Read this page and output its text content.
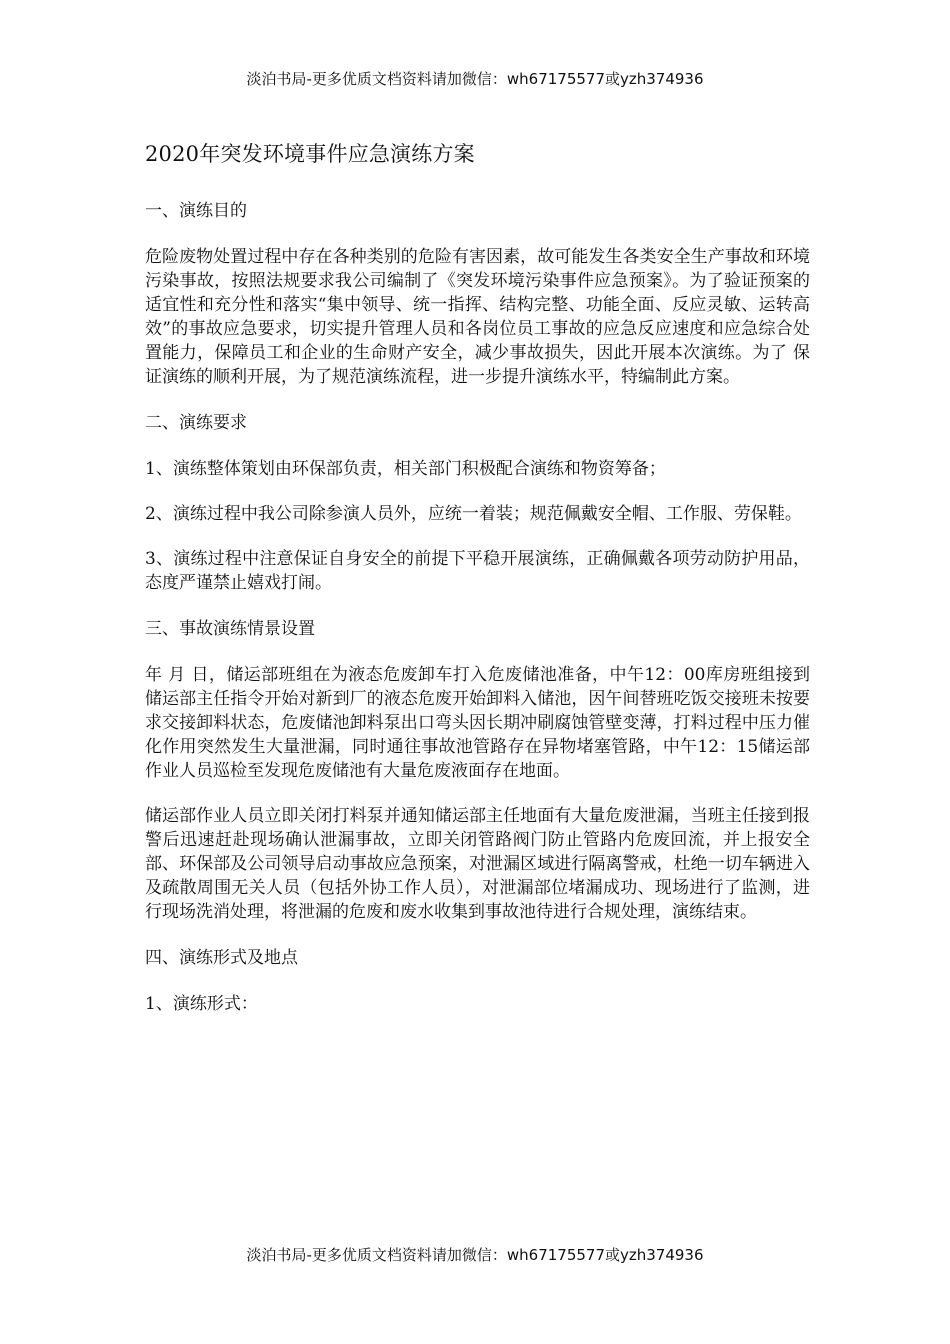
淡泊书局-更多优质文档资料请加微信：wh67175577或yzh374936
2020年突发环境事件应急演练方案
一、演练目的

危险废物处置过程中存在各种类别的危险有害因素，故可能发生各类安全生产事故和环境污染事故，按照法规要求我公司编制了《突发环境污染事件应急预案》。为了验证预案的适宜性和充分性和落实“集中领导、统一指挥、结构完整、功能全面、反应灵敏、运转高效”的事故应急要求，切实提升管理人员和各岗位员工事故的应急反应速度和应急综合处置能力，保障员工和企业的生命财产安全，减少事故损失，因此开展本次演练。为了 保证演练的顺利开展，为了规范演练流程，进一步提升演练水平，特编制此方案。

二、演练要求

1、演练整体策划由环保部负责，相关部门积极配合演练和物资筹备；

2、演练过程中我公司除参演人员外，应统一着装；规范佩戴安全帽、工作服、劳保鞋。

3、演练过程中注意保证自身安全的前提下平稳开展演练，正确佩戴各项劳动防护用品，态度严谨禁止嬉戏打闹。

三、事故演练情景设置

年 月 日，储运部班组在为液态危废卸车打入危废储池准备，中午12：00库房班组接到储运部主任指令开始对新到厂的液态危废开始卸料入储池，因午间替班吃饭交接班未按要求交接卸料状态，危废储池卸料泵出口弯头因长期冲刷腐蚀管壁变薄，打料过程中压力催化作用突然发生大量泄漏，同时通往事故池管路存在异物堵塞管路，中午12：15储运部作业人员巡检至发现危废储池有大量危废液面存在地面。

储运部作业人员立即关闭打料泵并通知储运部主任地面有大量危废泄漏，当班主任接到报警后迅速赶赴现场确认泄漏事故，立即关闭管路阀门防止管路内危废回流，并上报安全部、环保部及公司领导启动事故应急预案，对泄漏区域进行隔离警戒，杜绝一切车辆进入及疏散周围无关人员（包括外协工作人员），对泄漏部位堵漏成功、现场进行了监测，进行现场洗消处理，将泄漏的危废和废水收集到事故池待进行合规处理，演练结束。

四、演练形式及地点

1、演练形式：

淡泊书局-更多优质文档资料请加微信：wh67175577或yzh374936
